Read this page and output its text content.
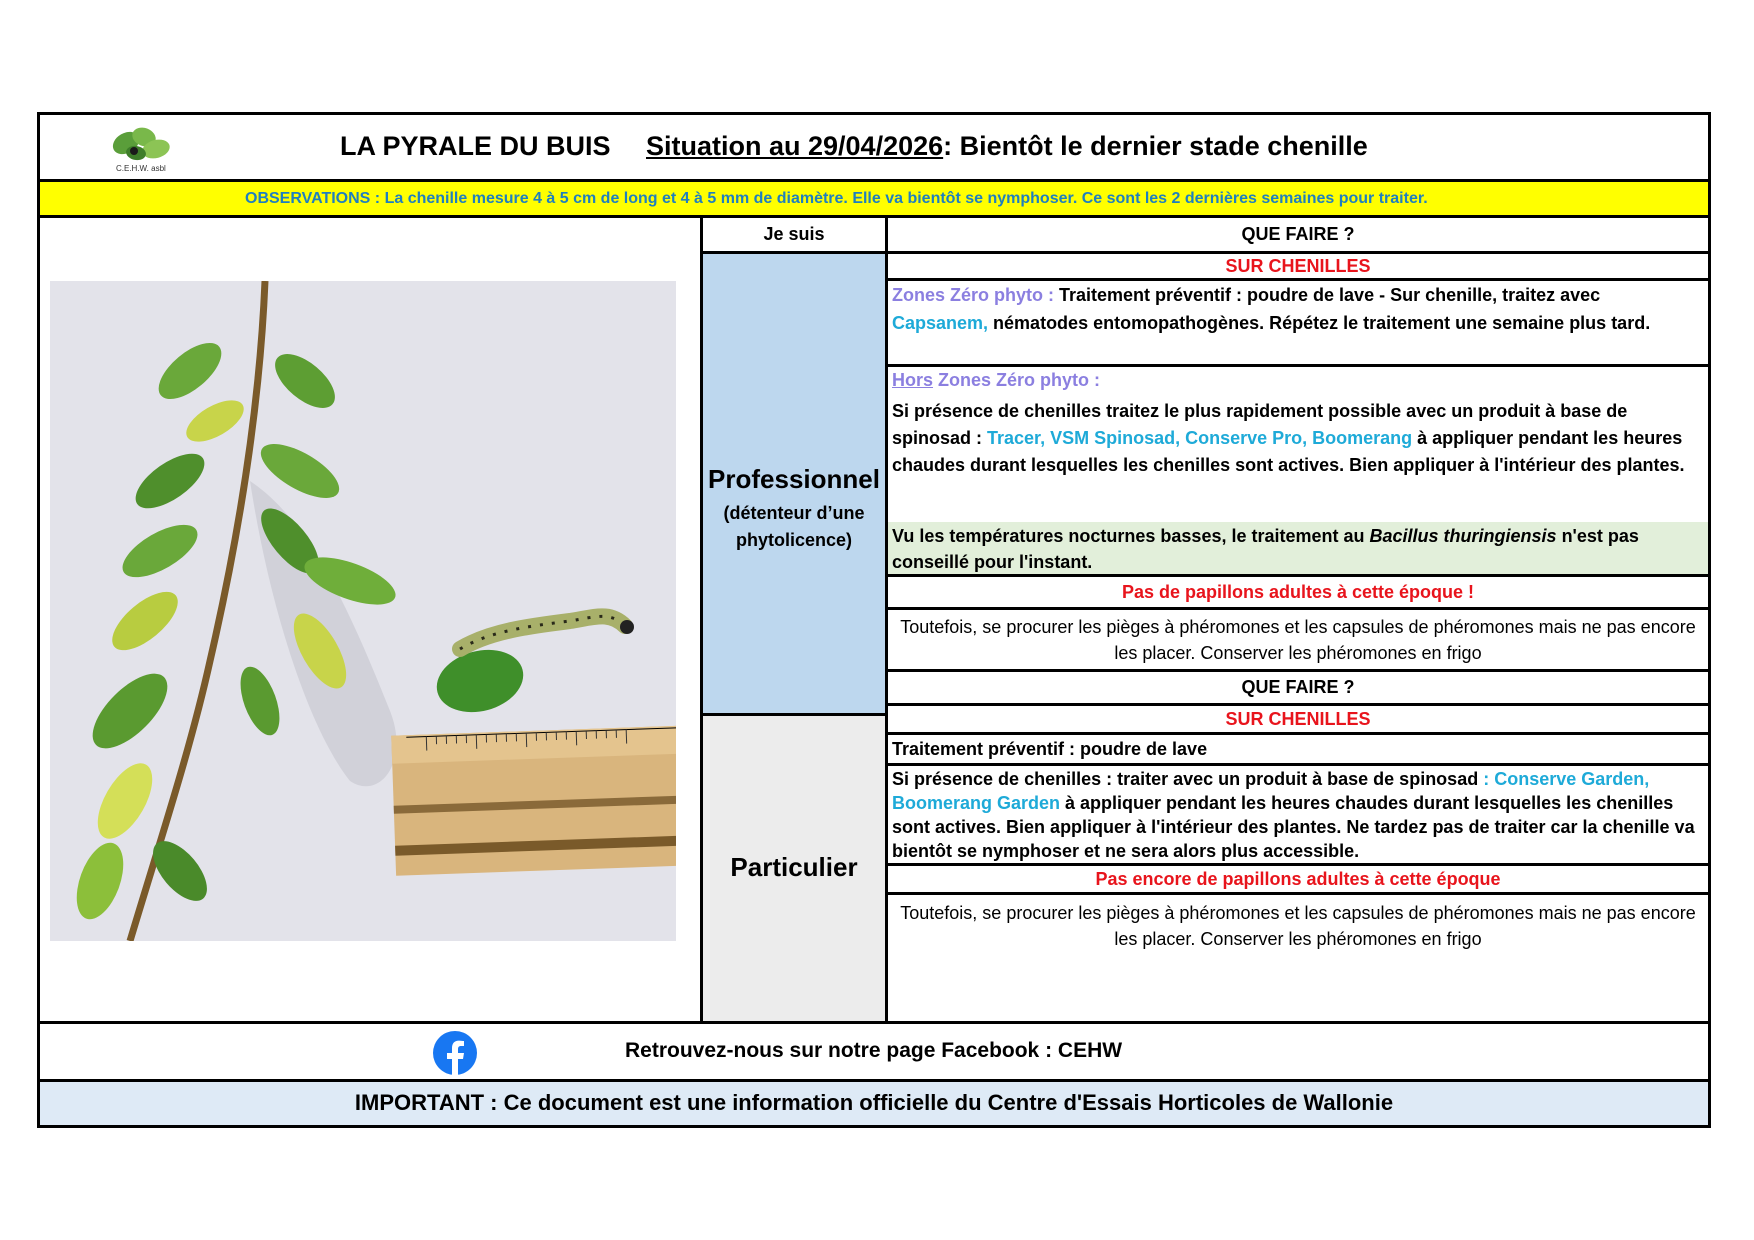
C.E.H.W. asbl
LA PYRALE DU BUIS Situation au 29/04/2026: Bientôt le dernier stade chenille
OBSERVATIONS : La chenille mesure 4 à 5 cm de long et 4 à 5 mm de diamètre. Elle va bientôt se nymphoser. Ce sont les 2 dernières semaines pour traiter.
Je suis
Professionnel
(détenteur d’une
phytolicence)
Particulier
QUE FAIRE ?
SUR CHENILLES
Zones Zéro phyto : Traitement préventif : poudre de lave - Sur chenille, traitez avec
Capsanem, nématodes entomopathogènes. Répétez le traitement une semaine plus tard.
Hors Zones Zéro phyto :
Si présence de chenilles traitez le plus rapidement possible avec un produit à base de spinosad : Tracer, VSM Spinosad, Conserve Pro, Boomerang à appliquer pendant les heures chaudes durant lesquelles les chenilles sont actives. Bien appliquer à l'intérieur des plantes.
Vu les températures nocturnes basses, le traitement au Bacillus thuringiensis n'est pas conseillé pour l'instant.
Pas de papillons adultes à cette époque !
Toutefois, se procurer les pièges à phéromones et les capsules de phéromones mais ne pas encore les placer. Conserver les phéromones en frigo
QUE FAIRE ?
SUR CHENILLES
Traitement préventif : poudre de lave
Si présence de chenilles : traiter avec un produit à base de spinosad : Conserve Garden, Boomerang Garden à appliquer pendant les heures chaudes durant lesquelles les chenilles sont actives. Bien appliquer à l'intérieur des plantes. Ne tardez pas de traiter car la chenille va bientôt se nymphoser et ne sera alors plus accessible.
Pas encore de papillons adultes à cette époque
Toutefois, se procurer les pièges à phéromones et les capsules de phéromones mais ne pas encore les placer. Conserver les phéromones en frigo
Retrouvez-nous sur notre page Facebook : CEHW
IMPORTANT : Ce document est une information officielle du Centre d'Essais Horticoles de Wallonie
